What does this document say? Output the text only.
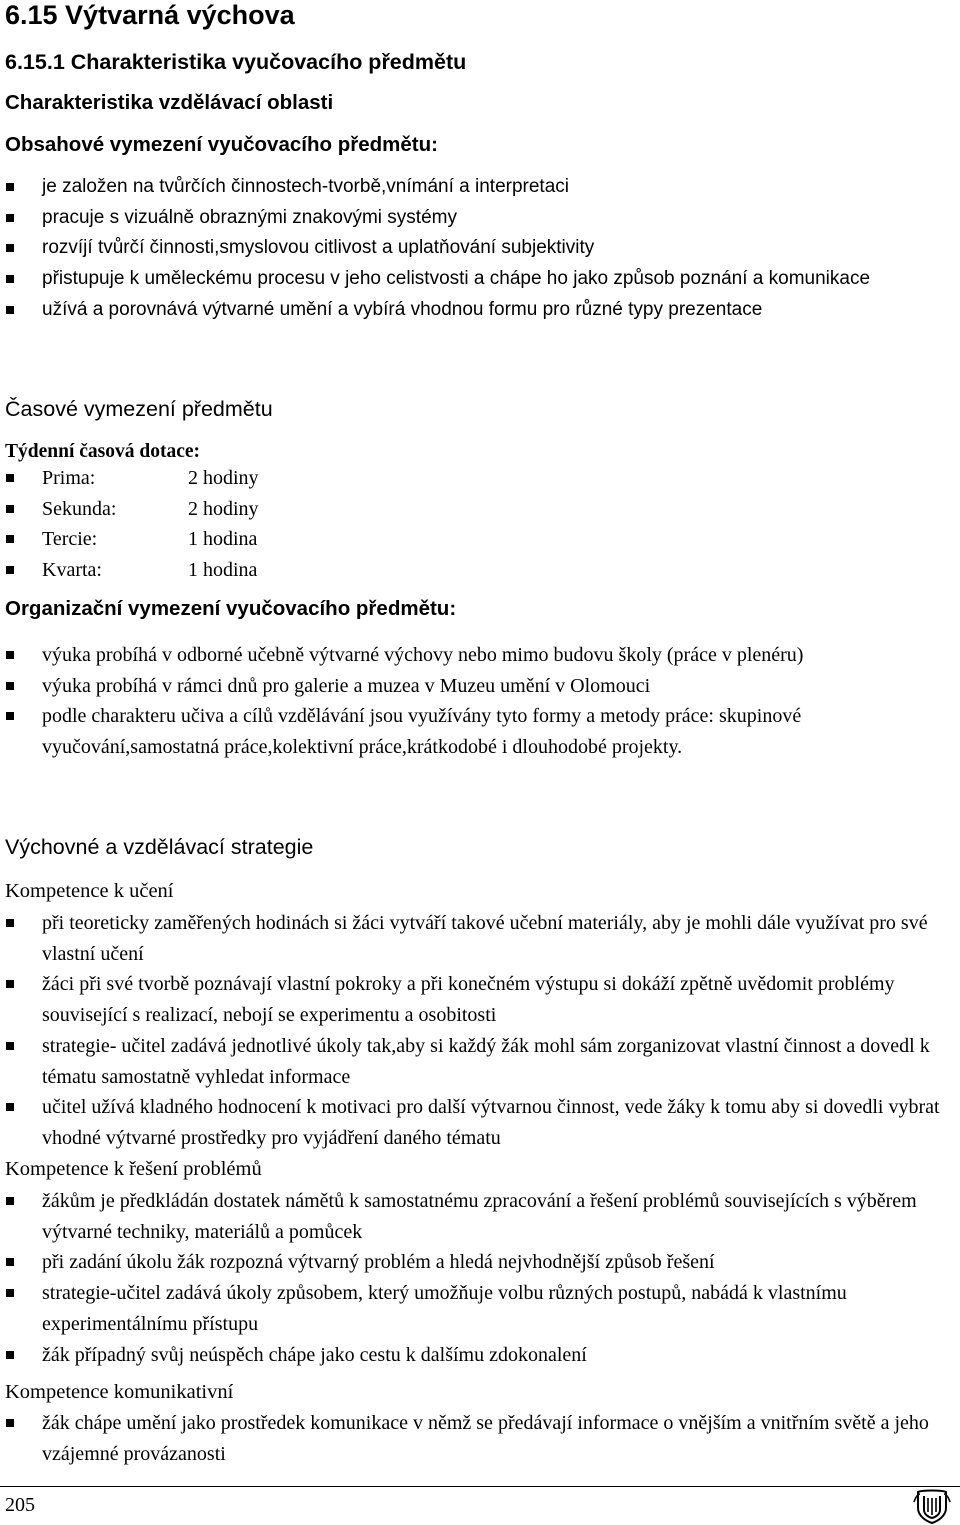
6.15 Výtvarná výchova
6.15.1 Charakteristika vyučovacího předmětu
Charakteristika vzdělávací oblasti
Obsahové vymezení vyučovacího předmětu:
je založen na tvůrčích činnostech-tvorbě,vnímání a interpretaci
pracuje s vizuálně obraznými znakovými systémy
rozvíjí tvůrčí činnosti,smyslovou citlivost a uplatňování subjektivity
přistupuje k uměleckému procesu v jeho celistvosti a chápe ho jako způsob poznání a komunikace
užívá a porovnává výtvarné umění a vybírá vhodnou formu pro různé typy prezentace
Časové vymezení předmětu
Týdenní časová dotace:
Prima:	2 hodiny
Sekunda:	2 hodiny
Tercie:	1 hodina
Kvarta:	1 hodina
Organizační vymezení vyučovacího předmětu:
výuka probíhá v odborné učebně výtvarné výchovy nebo mimo budovu školy (práce v plenéru)
výuka probíhá v rámci dnů pro galerie a muzea v Muzeu umění v Olomouci
podle charakteru učiva a cílů vzdělávání jsou využívány tyto formy a metody práce: skupinové vyučování,samostatná práce,kolektivní práce,krátkodobé i dlouhodobé projekty.
Výchovné a vzdělávací strategie
Kompetence k učení
při teoreticky zaměřených hodinách si žáci vytváří takové učební materiály, aby je mohli dále využívat pro své vlastní učení
žáci při své tvorbě poznávají vlastní pokroky a při konečném výstupu si dokáží zpětně uvědomit problémy související s realizací, nebojí se experimentu a osobitosti
strategie- učitel zadává jednotlivé úkoly tak,aby si každý žák mohl sám zorganizovat vlastní činnost a dovedl k tématu samostatně vyhledat informace
učitel užívá kladného hodnocení k motivaci pro další výtvarnou činnost, vede žáky k tomu aby si dovedli vybrat vhodné výtvarné prostředky pro vyjádření daného tématu
Kompetence k řešení problémů
žákům je předkládán dostatek námětů k samostatnému zpracování a řešení problémů souvisejících s výběrem výtvarné techniky, materiálů a pomůcek
při zadání úkolu žák rozpozná výtvarný problém a hledá nejvhodnější způsob řešení
strategie-učitel zadává úkoly způsobem, který umožňuje volbu různých postupů, nabádá k vlastnímu experimentálnímu přístupu
žák případný svůj neúspěch chápe jako cestu k dalšímu zdokonalení
Kompetence komunikativní
žák chápe umění jako prostředek komunikace v němž se předávají informace o vnějším a vnitřním světě a jeho vzájemné provázanosti
205
